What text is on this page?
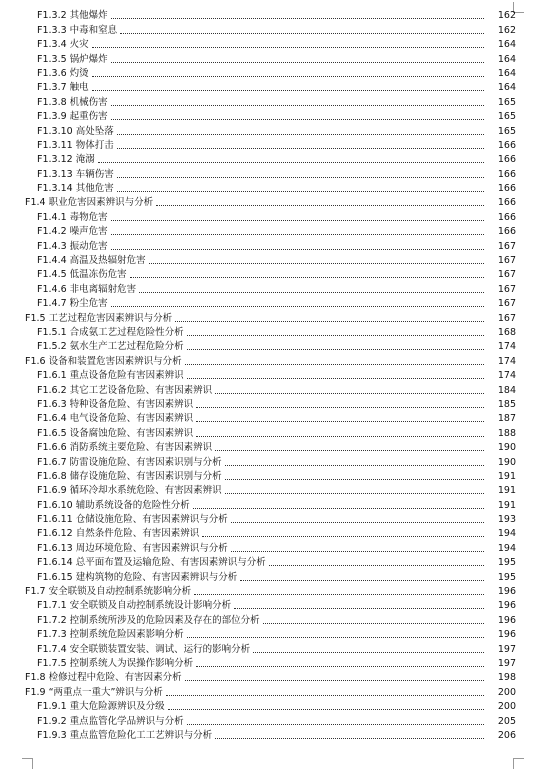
F1.3.2 其他爆炸	162
F1.3.3 中毒和窒息	162
F1.3.4 火灾	164
F1.3.5 锅炉爆炸	164
F1.3.6 灼烫	164
F1.3.7 触电	164
F1.3.8 机械伤害	165
F1.3.9 起重伤害	165
F1.3.10 高处坠落	165
F1.3.11 物体打击	166
F1.3.12 淹溺	166
F1.3.13 车辆伤害	166
F1.3.14 其他危害	166
F1.4 职业危害因素辨识与分析	166
F1.4.1 毒物危害	166
F1.4.2 噪声危害	166
F1.4.3 振动危害	167
F1.4.4 高温及热辐射危害	167
F1.4.5 低温冻伤危害	167
F1.4.6 非电离辐射危害	167
F1.4.7 粉尘危害	167
F1.5 工艺过程危害因素辨识与分析	167
F1.5.1 合成氨工艺过程危险性分析	168
F1.5.2 氨水生产工艺过程危险分析	174
F1.6 设备和装置危害因素辨识与分析	174
F1.6.1 重点设备危险有害因素辨识	174
F1.6.2 其它工艺设备危险、有害因素辨识	184
F1.6.3 特种设备危险、有害因素辨识	185
F1.6.4 电气设备危险、有害因素辨识	187
F1.6.5 设备腐蚀危险、有害因素辨识	188
F1.6.6 消防系统主要危险、有害因素辨识	190
F1.6.7 防雷设施危险、有害因素识别与分析	190
F1.6.8 储存设施危险、有害因素识别与分析	191
F1.6.9 循环冷却水系统危险、有害因素辨识	191
F1.6.10 辅助系统设备的危险性分析	191
F1.6.11 仓储设施危险、有害因素辨识与分析	193
F1.6.12 自然条件危险、有害因素辨识	194
F1.6.13 周边环境危险、有害因素辨识与分析	194
F1.6.14 总平面布置及运输危险、有害因素辨识与分析	195
F1.6.15 建构筑物的危险、有害因素辨识与分析	195
F1.7 安全联锁及自动控制系统影响分析	196
F1.7.1 安全联锁及自动控制系统设计影响分析	196
F1.7.2 控制系统所涉及的危险因素及存在的部位分析	196
F1.7.3 控制系统危险因素影响分析	196
F1.7.4 安全联锁装置安装、调试、运行的影响分析	197
F1.7.5 控制系统人为误操作影响分析	197
F1.8 检修过程中危险、有害因素分析	198
F1.9 “两重点一重大”辨识与分析	200
F1.9.1 重大危险源辨识及分级	200
F1.9.2 重点监管化学品辨识与分析	205
F1.9.3 重点监管危险化工工艺辨识与分析	206
